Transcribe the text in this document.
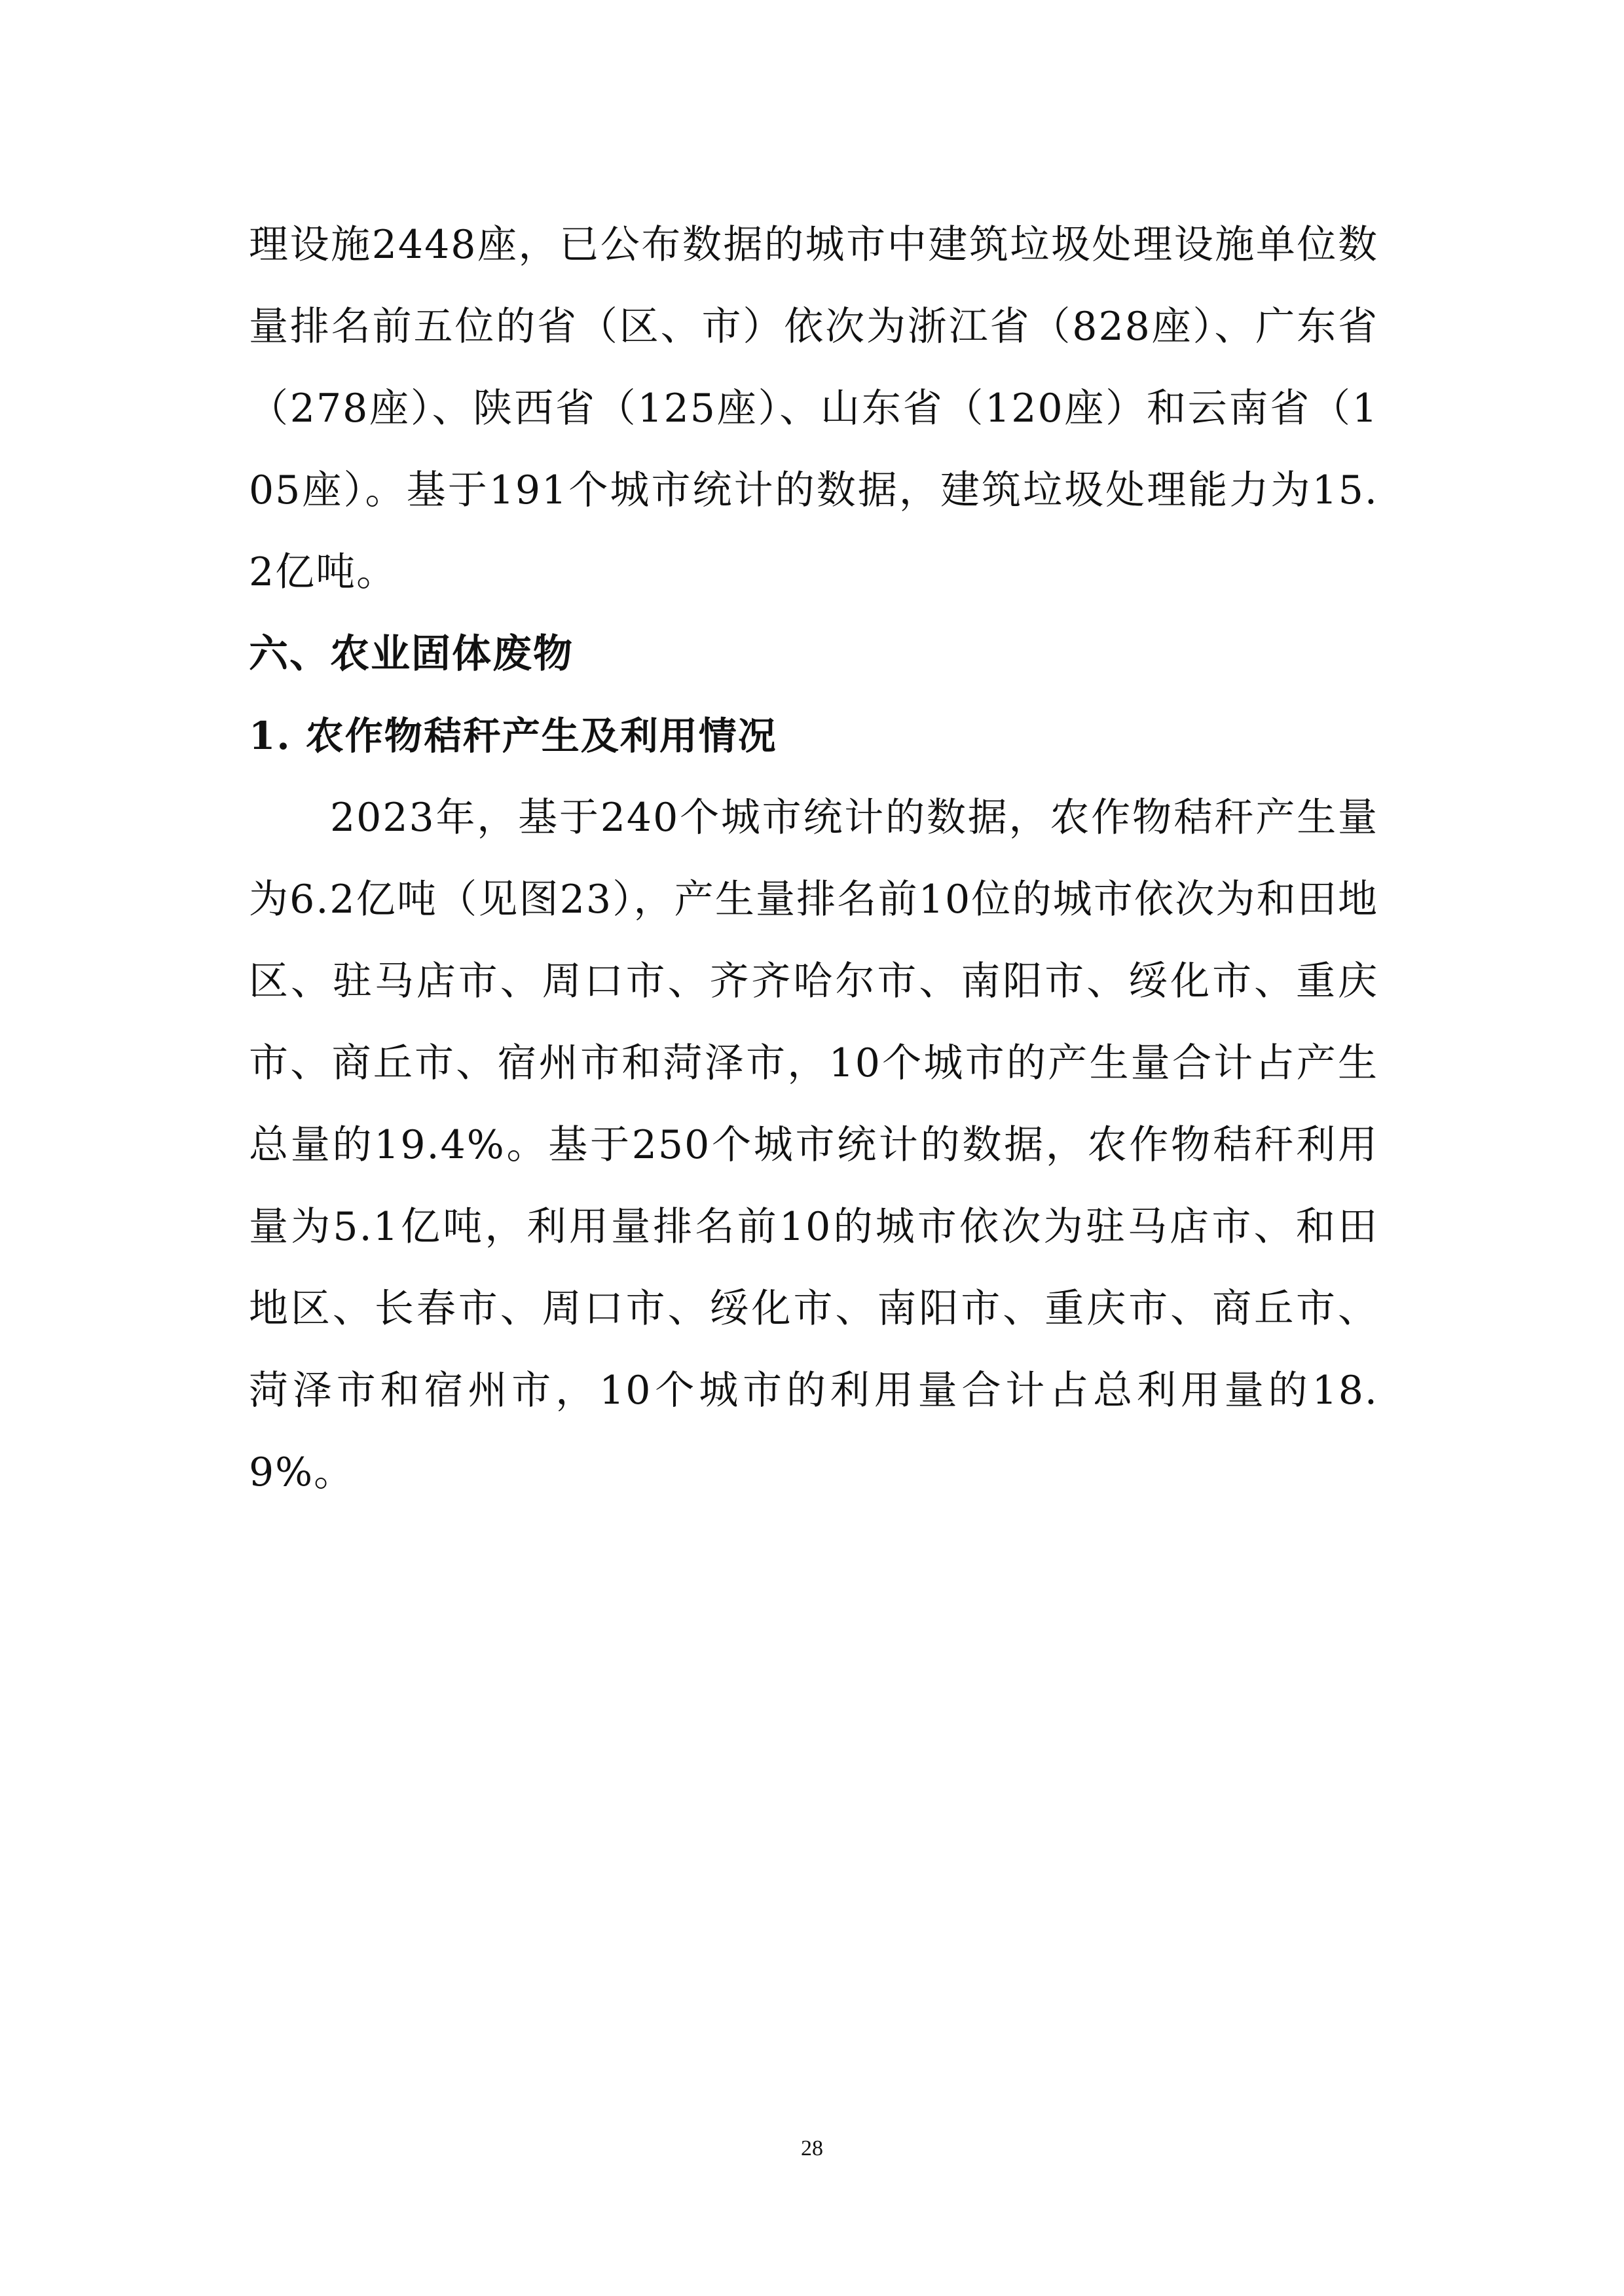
理设施2448座，已公布数据的城市中建筑垃圾处理设施单位数量排名前五位的省（区、市）依次为浙江省（828座）、广东省（278座）、陕西省（125座）、山东省（120座）和云南省（105座）。基于191个城市统计的数据，建筑垃圾处理能力为15.2亿吨。

六、农业固体废物
1. 农作物秸秆产生及利用情况

2023年，基于240个城市统计的数据，农作物秸秆产生量为6.2亿吨（见图23），产生量排名前10位的城市依次为和田地区、驻马店市、周口市、齐齐哈尔市、南阳市、绥化市、重庆市、商丘市、宿州市和菏泽市，10个城市的产生量合计占产生总量的19.4%。基于250个城市统计的数据，农作物秸秆利用量为5.1亿吨，利用量排名前10的城市依次为驻马店市、和田地区、长春市、周口市、绥化市、南阳市、重庆市、商丘市、菏泽市和宿州市，10个城市的利用量合计占总利用量的18.9%。

28
